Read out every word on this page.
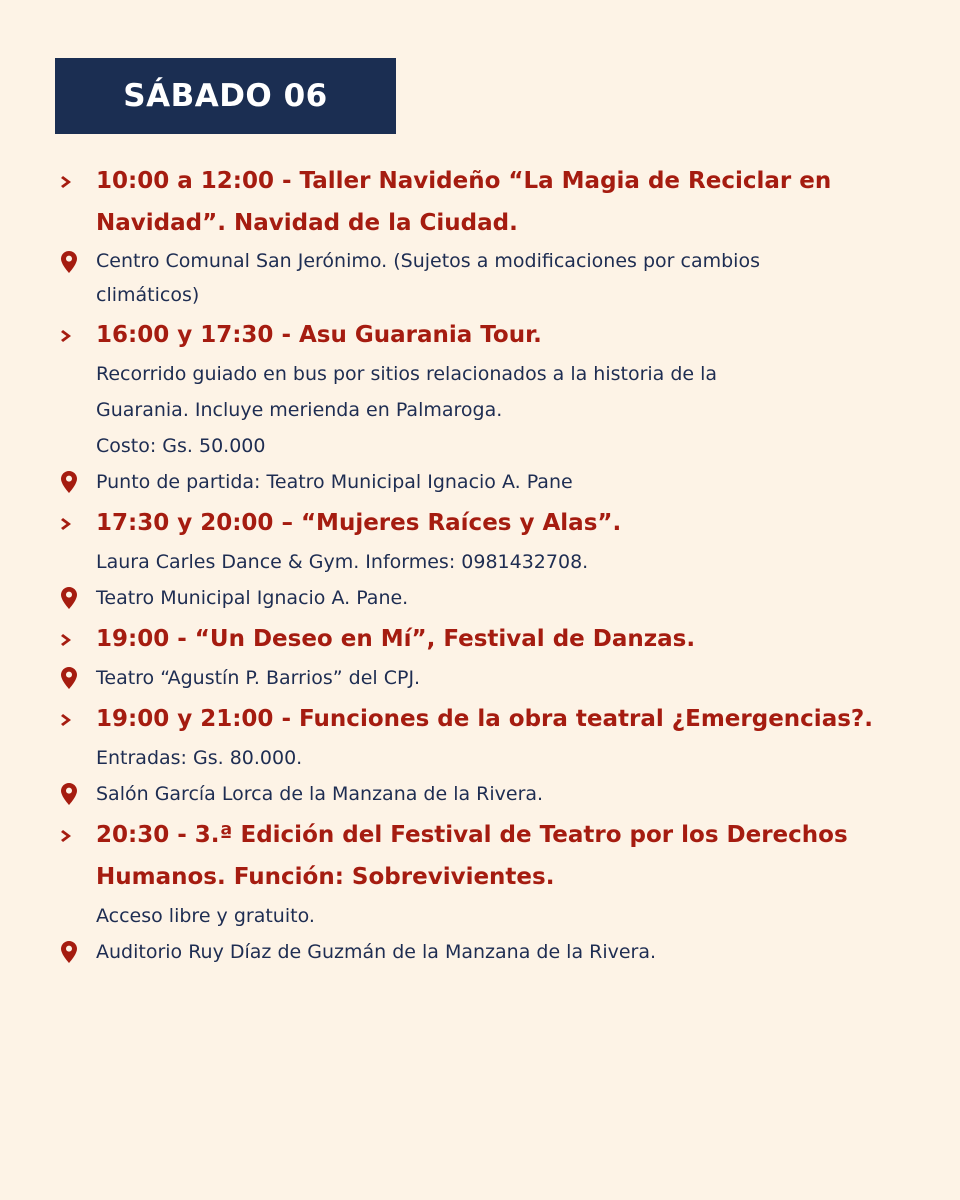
SÁBADO 06
10:00 a 12:00 - Taller Navideño “La Magia de Reciclar en
Navidad”. Navidad de la Ciudad.
Centro Comunal San Jerónimo. (Sujetos a modificaciones por cambios
climáticos)
16:00 y 17:30 - Asu Guarania Tour.
Recorrido guiado en bus por sitios relacionados a la historia de la
Guarania. Incluye merienda en Palmaroga.
Costo: Gs. 50.000
Punto de partida: Teatro Municipal Ignacio A. Pane
17:30 y 20:00 – “Mujeres Raíces y Alas”.
Laura Carles Dance & Gym. Informes: 0981432708.
Teatro Municipal Ignacio A. Pane.
19:00 - “Un Deseo en Mí”, Festival de Danzas.
Teatro “Agustín P. Barrios” del CPJ.
19:00 y 21:00 - Funciones de la obra teatral ¿Emergencias?.
Entradas: Gs. 80.000.
Salón García Lorca de la Manzana de la Rivera.
20:30 - 3.ª Edición del Festival de Teatro por los Derechos
Humanos. Función: Sobrevivientes.
Acceso libre y gratuito.
Auditorio Ruy Díaz de Guzmán de la Manzana de la Rivera.
